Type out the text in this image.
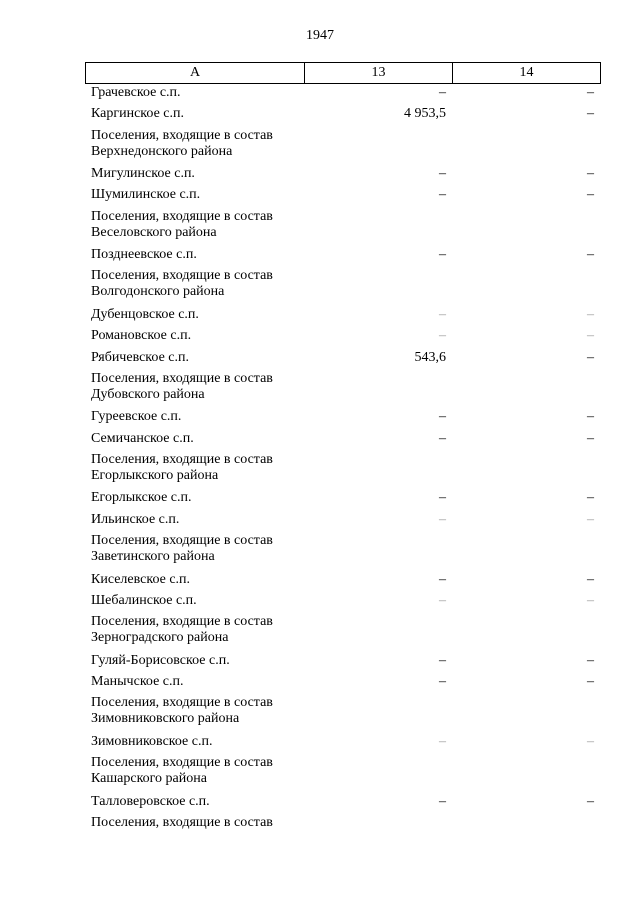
1947
А	13	14
Грачевское с.п.	–	–
Каргинское с.п.	4 953,5	–
Поселения, входящие в состав Верхнедонского района
Мигулинское с.п.	–	–
Шумилинское с.п.	–	–
Поселения, входящие в состав Веселовского района
Позднеевское с.п.	–	–
Поселения, входящие в состав Волгодонского района
Дубенцовское с.п.	–	–
Романовское с.п.	–	–
Рябичевское с.п.	543,6	–
Поселения, входящие в состав Дубовского района
Гуреевское с.п.	–	–
Семичанское с.п.	–	–
Поселения, входящие в состав Егорлыкского района
Егорлыкское с.п.	–	–
Ильинское с.п.	–	–
Поселения, входящие в состав Заветинского района
Киселевское с.п.	–	–
Шебалинское с.п.	–	–
Поселения, входящие в состав Зерноградского района
Гуляй-Борисовское с.п.	–	–
Манычское с.п.	–	–
Поселения, входящие в состав Зимовниковского района
Зимовниковское с.п.	–	–
Поселения, входящие в состав Кашарского района
Талловеровское с.п.	–	–
Поселения, входящие в состав
